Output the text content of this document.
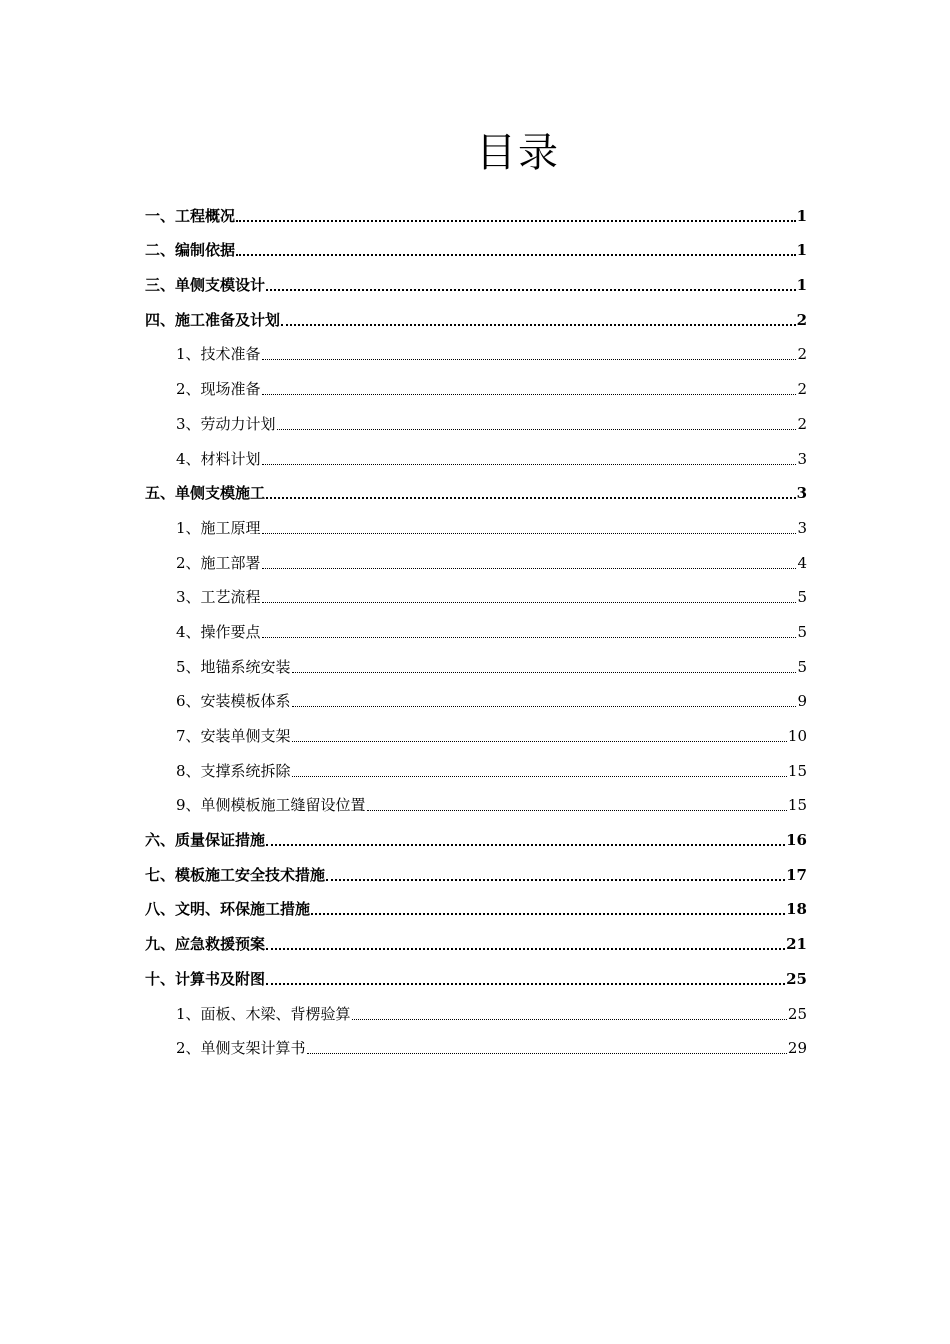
目录
一、工程概况	1
二、编制依据	1
三、单侧支模设计	1
四、施工准备及计划	2
1、技术准备	2
2、现场准备	2
3、劳动力计划	2
4、材料计划	3
五、单侧支模施工	3
1、施工原理	3
2、施工部署	4
3、工艺流程	5
4、操作要点	5
5、地锚系统安装	5
6、安装模板体系	9
7、安装单侧支架	10
8、支撑系统拆除	15
9、单侧模板施工缝留设位置	15
六、质量保证措施	16
七、模板施工安全技术措施	17
八、文明、环保施工措施	18
九、应急救援预案	21
十、计算书及附图	25
1、面板、木梁、背楞验算	25
2、单侧支架计算书	29
